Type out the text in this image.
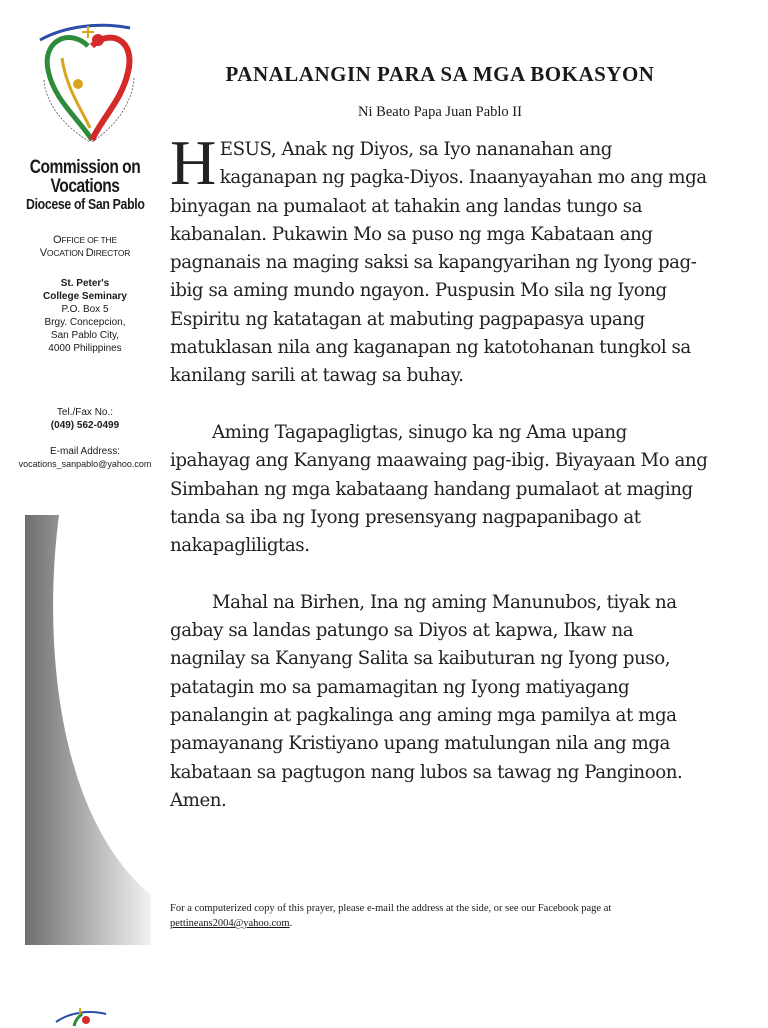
Commission on Vocations
Diocese of San Pablo
OFFICE OF THE
VOCATION DIRECTOR
St. Peter's
College Seminary
P.O. Box 5
Brgy. Concepcion,
San Pablo City,
4000 Philippines
Tel./Fax No.:
(049) 562-0499
E-mail Address:
vocations_sanpablo@yahoo.com
PANALANGIN PARA SA MGA BOKASYON
Ni Beato Papa Juan Pablo II

HESUS, Anak ng Diyos, sa Iyo nananahan ang kaganapan ng pagka-Diyos. Inaanyayahan mo ang mga binyagan na pumalaot at tahakin ang landas tungo sa kabanalan. Pukawin Mo sa puso ng mga Kabataan ang pagnanais na maging saksi sa kapangyarihan ng Iyong pag-ibig sa aming mundo ngayon. Puspusin Mo sila ng Iyong Espiritu ng katatagan at mabuting pagpapasya upang matuklasan nila ang kaganapan ng katotohanan tungkol sa kanilang sarili at tawag sa buhay.

Aming Tagapagligtas, sinugo ka ng Ama upang ipahayag ang Kanyang maawaing pag-ibig. Biyayaan Mo ang Simbahan ng mga kabataang handang pumalaot at maging tanda sa iba ng Iyong presensyang nagpapanibago at nakapagliligtas.

Mahal na Birhen, Ina ng aming Manunubos, tiyak na gabay sa landas patungo sa Diyos at kapwa, Ikaw na nagnilay sa Kanyang Salita sa kaibuturan ng Iyong puso, patatagin mo sa pamamagitan ng Iyong matiyagang panalangin at pagkalinga ang aming mga pamilya at mga pamayanang Kristiyano upang matulungan nila ang mga kabataan sa pagtugon nang lubos sa tawag ng Panginoon. Amen.

For a computerized copy of this prayer, please e-mail the address at the side, or see our Facebook page at
pettineans2004@yahoo.com.
